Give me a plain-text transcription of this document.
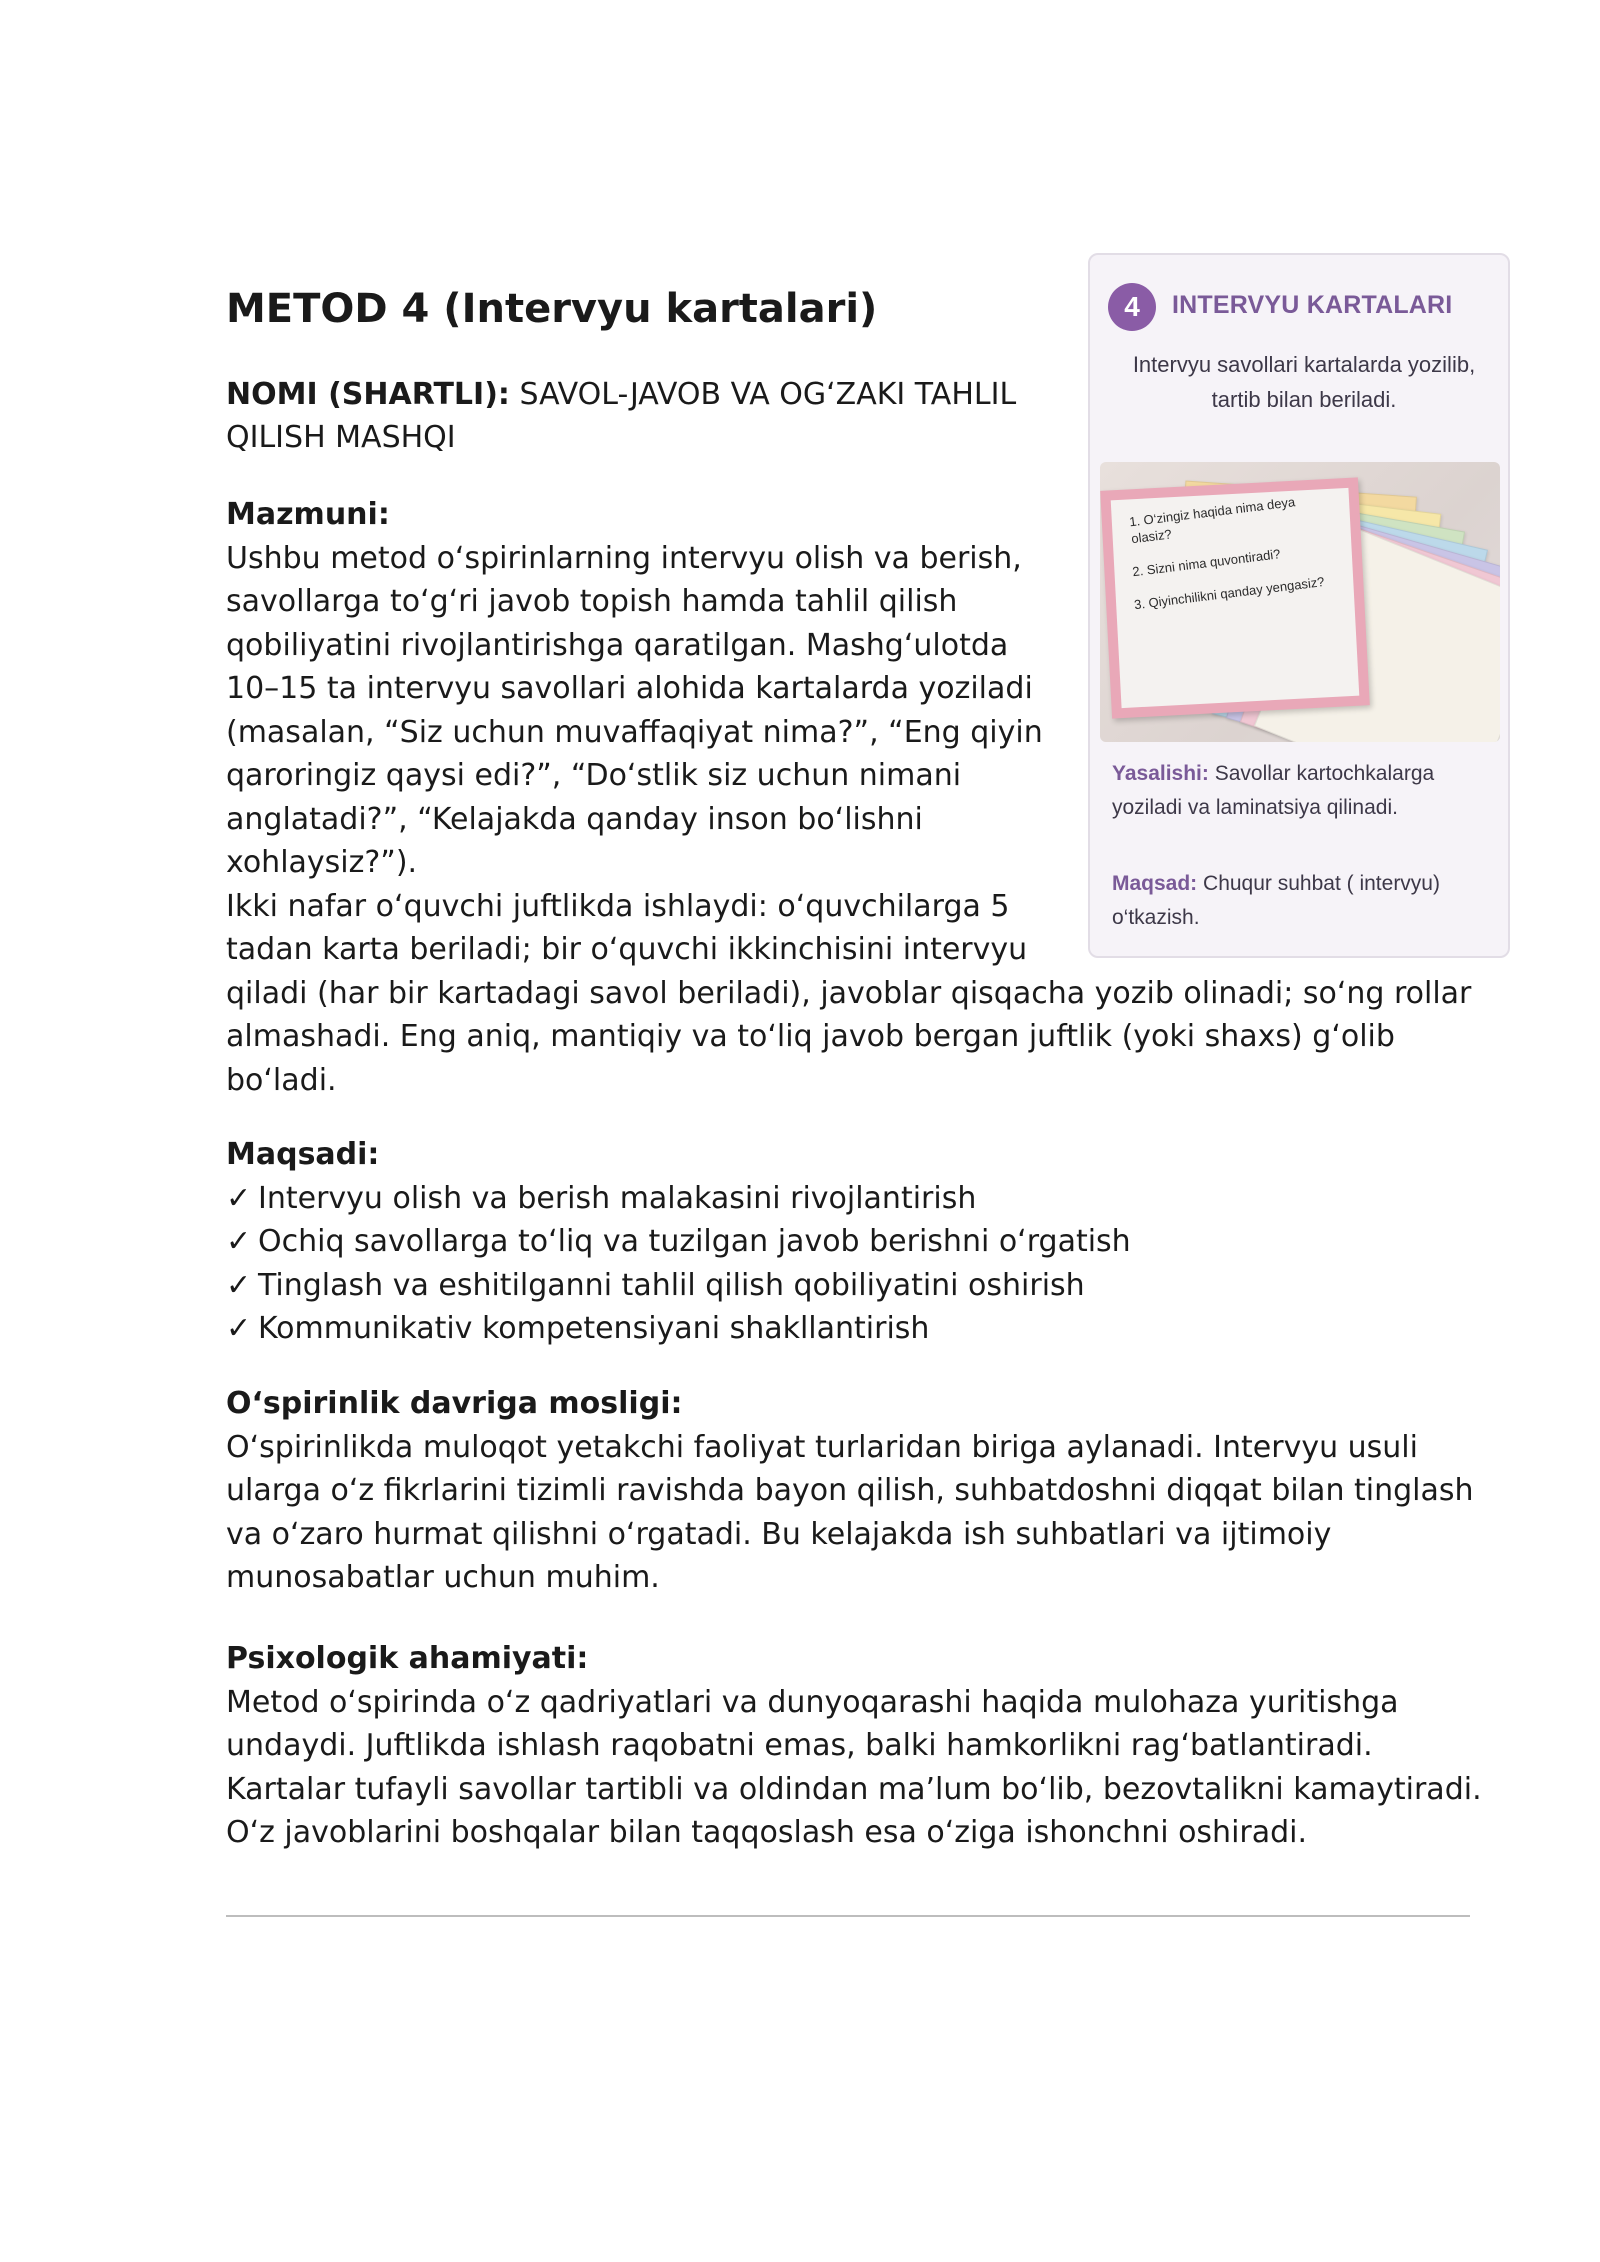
METOD 4 (Intervyu kartalari)

NOMI (SHARTLI): SAVOL-JAVOB VA OG‘ZAKI TAHLIL QILISH MASHQI

Mazmuni:

Ushbu metod o‘spirinlarning intervyu olish va berish, savollarga to‘g‘ri javob topish hamda tahlil qilish qobiliyatini rivojlantirishga qaratilgan. Mashg‘ulotda 10–15 ta intervyu savollari alohida kartalarda yoziladi (masalan, “Siz uchun muvaffaqiyat nima?”, “Eng qiyin qaroringiz qaysi edi?”, “Do‘stlik siz uchun nimani anglatadi?”, “Kelajakda qanday inson bo‘lishni xohlaysiz?”).

Ikki nafar o‘quvchi juftlikda ishlaydi: o‘quvchilarga 5 tadan karta beriladi; bir o‘quvchi ikkinchisini intervyu

qiladi (har bir kartadagi savol beriladi), javoblar qisqacha yozib olinadi; so‘ng rollar almashadi. Eng aniq, mantiqiy va to‘liq javob bergan juftlik (yoki shaxs) g‘olib bo‘ladi.

Maqsadi:
✓ Intervyu olish va berish malakasini rivojlantirish
✓ Ochiq savollarga to‘liq va tuzilgan javob berishni o‘rgatish
✓ Tinglash va eshitilganni tahlil qilish qobiliyatini oshirish
✓ Kommunikativ kompetensiyani shakllantirish
O‘spirinlik davriga mosligi:

O‘spirinlikda muloqot yetakchi faoliyat turlaridan biriga aylanadi. Intervyu usuli ularga o‘z fikrlarini tizimli ravishda bayon qilish, suhbatdoshni diqqat bilan tinglash va o‘zaro hurmat qilishni o‘rgatadi. Bu kelajakda ish suhbatlari va ijtimoiy munosabatlar uchun muhim.

Psixologik ahamiyati:

Metod o‘spirinda o‘z qadriyatlari va dunyoqarashi haqida mulohaza yuritishga undaydi. Juftlikda ishlash raqobatni emas, balki hamkorlikni rag‘batlantiradi. Kartalar tufayli savollar tartibli va oldindan ma’lum bo‘lib, bezovtalikni kamaytiradi. O‘z javoblarini boshqalar bilan taqqoslash esa o‘ziga ishonchni oshiradi.

4	INTERVYU KARTALARI
Intervyu savollari kartalarda yozilib, tartib bilan beriladi.
1. O‘zingiz haqida nima deya olasiz?
2. Sizni nima quvontiradi?
3. Qiyinchilikni qanday yengasiz?
Yasalishi: Savollar kartochkalarga yoziladi va laminatsiya qilinadi.
Maqsad: Chuqur suhbat ( intervyu) o‘tkazish.
